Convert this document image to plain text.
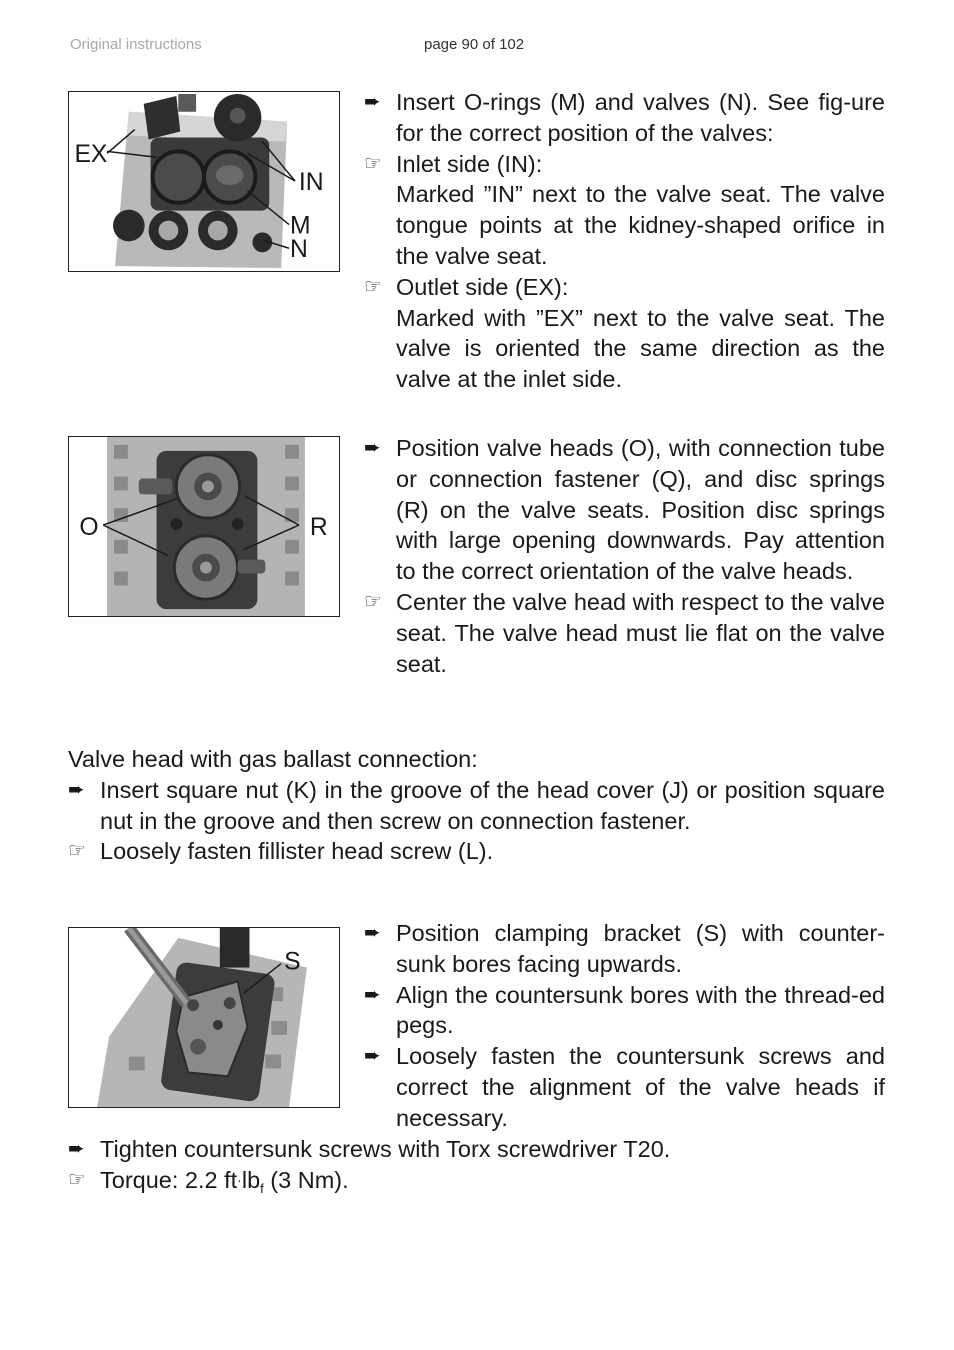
Original instructions	page 90 of 102
EX
IN
M
N
➨ Insert O-rings (M) and valves (N). See fig-ure for the correct position of the valves:
☞ Inlet side (IN):
Marked ”IN” next to the valve seat. The valve tongue points at the kidney-shaped orifice in the valve seat.
☞ Outlet side (EX):
Marked with ”EX” next to the valve seat. The valve is oriented the same direction as the valve at the inlet side.
O	R
➨ Position valve heads (O), with connection tube or connection fastener (Q), and disc springs (R) on the valve seats. Position disc springs with large opening downwards. Pay attention to the correct orientation of the valve heads.
☞ Center the valve head with respect to the valve seat. The valve head must lie flat on the valve seat.
Valve head with gas ballast connection:
➨ Insert square nut (K) in the groove of the head cover (J) or position square nut in the groove and then screw on connection fastener.
☞ Loosely fasten fillister head screw (L).
S
➨ Position clamping bracket (S) with counter-sunk bores facing upwards.
➨ Align the countersunk bores with the thread-ed pegs.
➨ Loosely fasten the countersunk screws and correct the alignment of the valve heads if necessary.
➨ Tighten countersunk screws with Torx screwdriver T20.
☞ Torque: 2.2 $ft\cdot lb_f$ (3 Nm).
